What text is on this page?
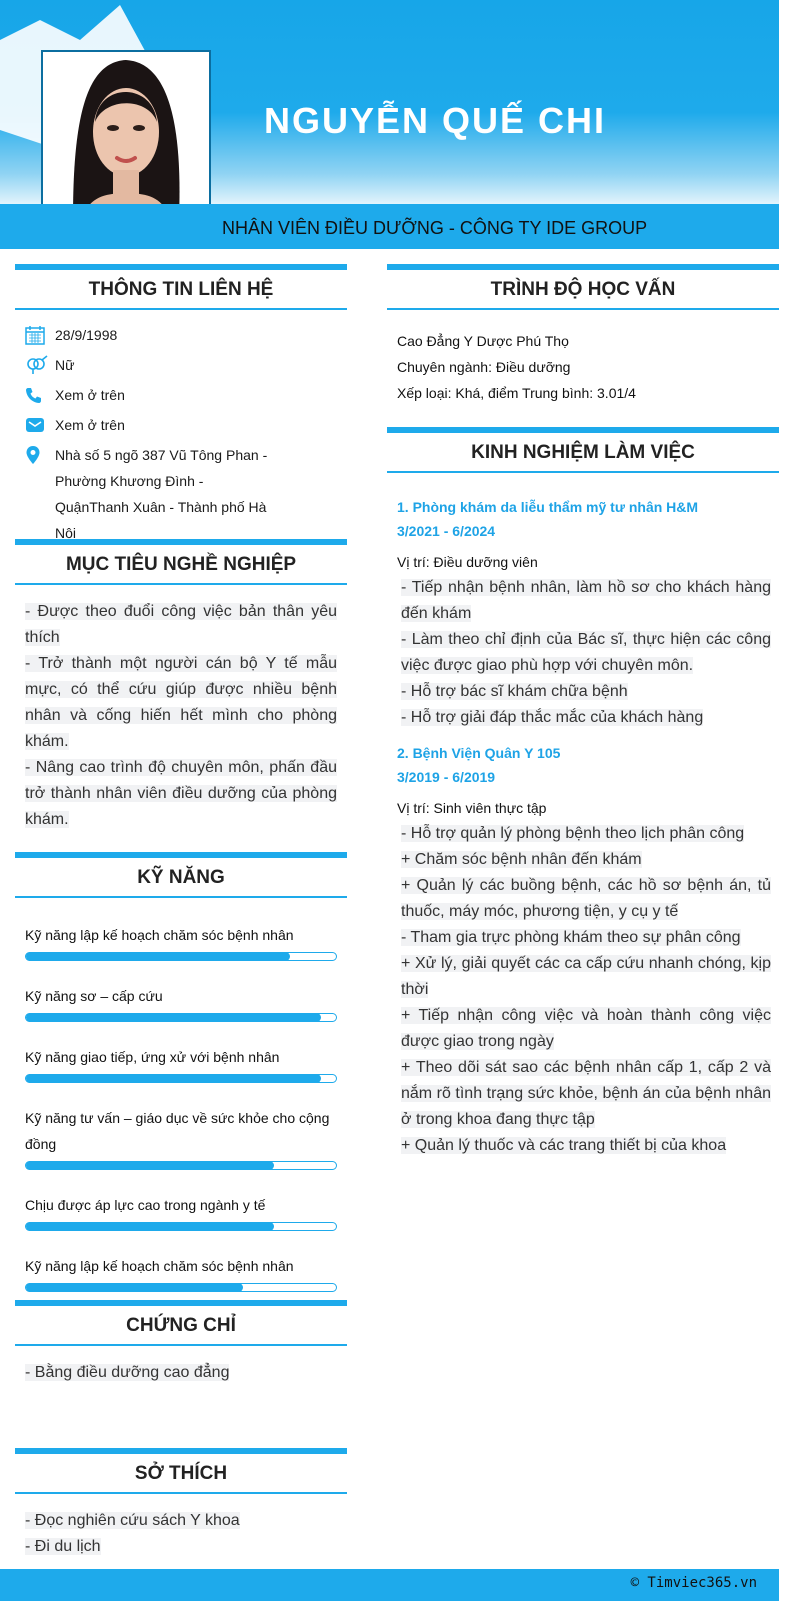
NGUYỄN QUẾ CHI
NHÂN VIÊN ĐIỀU DƯỠNG - CÔNG TY IDE GROUP
THÔNG TIN LIÊN HỆ
28/9/1998
Nữ
Xem ở trên
Xem ở trên
Nhà số 5 ngõ 387 Vũ Tông Phan - Phường Khương Đình -QuậnThanh Xuân - Thành phố Hà Nội
MỤC TIÊU NGHỀ NGHIỆP
- Được theo đuổi công việc bản thân yêu thích
- Trở thành một người cán bộ Y tế mẫu mực, có thể cứu giúp được nhiều bệnh nhân và cống hiến hết mình cho phòng khám.
- Nâng cao trình độ chuyên môn, phấn đầu trở thành nhân viên điều dưỡng của phòng khám.
KỸ NĂNG
Kỹ năng lập kế hoạch chăm sóc bệnh nhân
Kỹ năng sơ – cấp cứu
Kỹ năng giao tiếp, ứng xử với bệnh nhân
Kỹ năng tư vấn – giáo dục về sức khỏe cho cộng đồng
Chịu được áp lực cao trong ngành y tế
Kỹ năng lập kế hoạch chăm sóc bệnh nhân
CHỨNG CHỈ
- Bằng điều dưỡng cao đẳng
SỞ THÍCH
- Đọc nghiên cứu sách Y khoa
- Đi du lịch
TRÌNH ĐỘ HỌC VẤN
Cao Đẳng Y Dược Phú Thọ
Chuyên ngành: Điều dưỡng
Xếp loại: Khá, điểm Trung bình: 3.01/4
KINH NGHIỆM LÀM VIỆC
1. Phòng khám da liễu thẩm mỹ tư nhân H&M
3/2021 - 6/2024
Vị trí: Điều dưỡng viên
- Tiếp nhận bệnh nhân, làm hồ sơ cho khách hàng đến khám
- Làm theo chỉ định của Bác sĩ, thực hiện các công việc được giao phù hợp với chuyên môn.
- Hỗ trợ bác sĩ khám chữa bệnh
- Hỗ trợ giải đáp thắc mắc của khách hàng
2. Bệnh Viện Quân Y 105
3/2019 - 6/2019
Vị trí: Sinh viên thực tập
- Hỗ trợ quản lý phòng bệnh theo lịch phân công
+ Chăm sóc bệnh nhân đến khám
+ Quản lý các buồng bệnh, các hồ sơ bệnh án, tủ thuốc, máy móc, phương tiện, y cụ y tế
- Tham gia trực phòng khám theo sự phân công
+ Xử lý, giải quyết các ca cấp cứu nhanh chóng, kịp thời
+ Tiếp nhận công việc và hoàn thành công việc được giao trong ngày
+ Theo dõi sát sao các bệnh nhân cấp 1, cấp 2 và nắm rõ tình trạng sức khỏe, bệnh án của bệnh nhân ở trong khoa đang thực tập
+ Quản lý thuốc và các trang thiết bị của khoa
© Timviec365.vn
